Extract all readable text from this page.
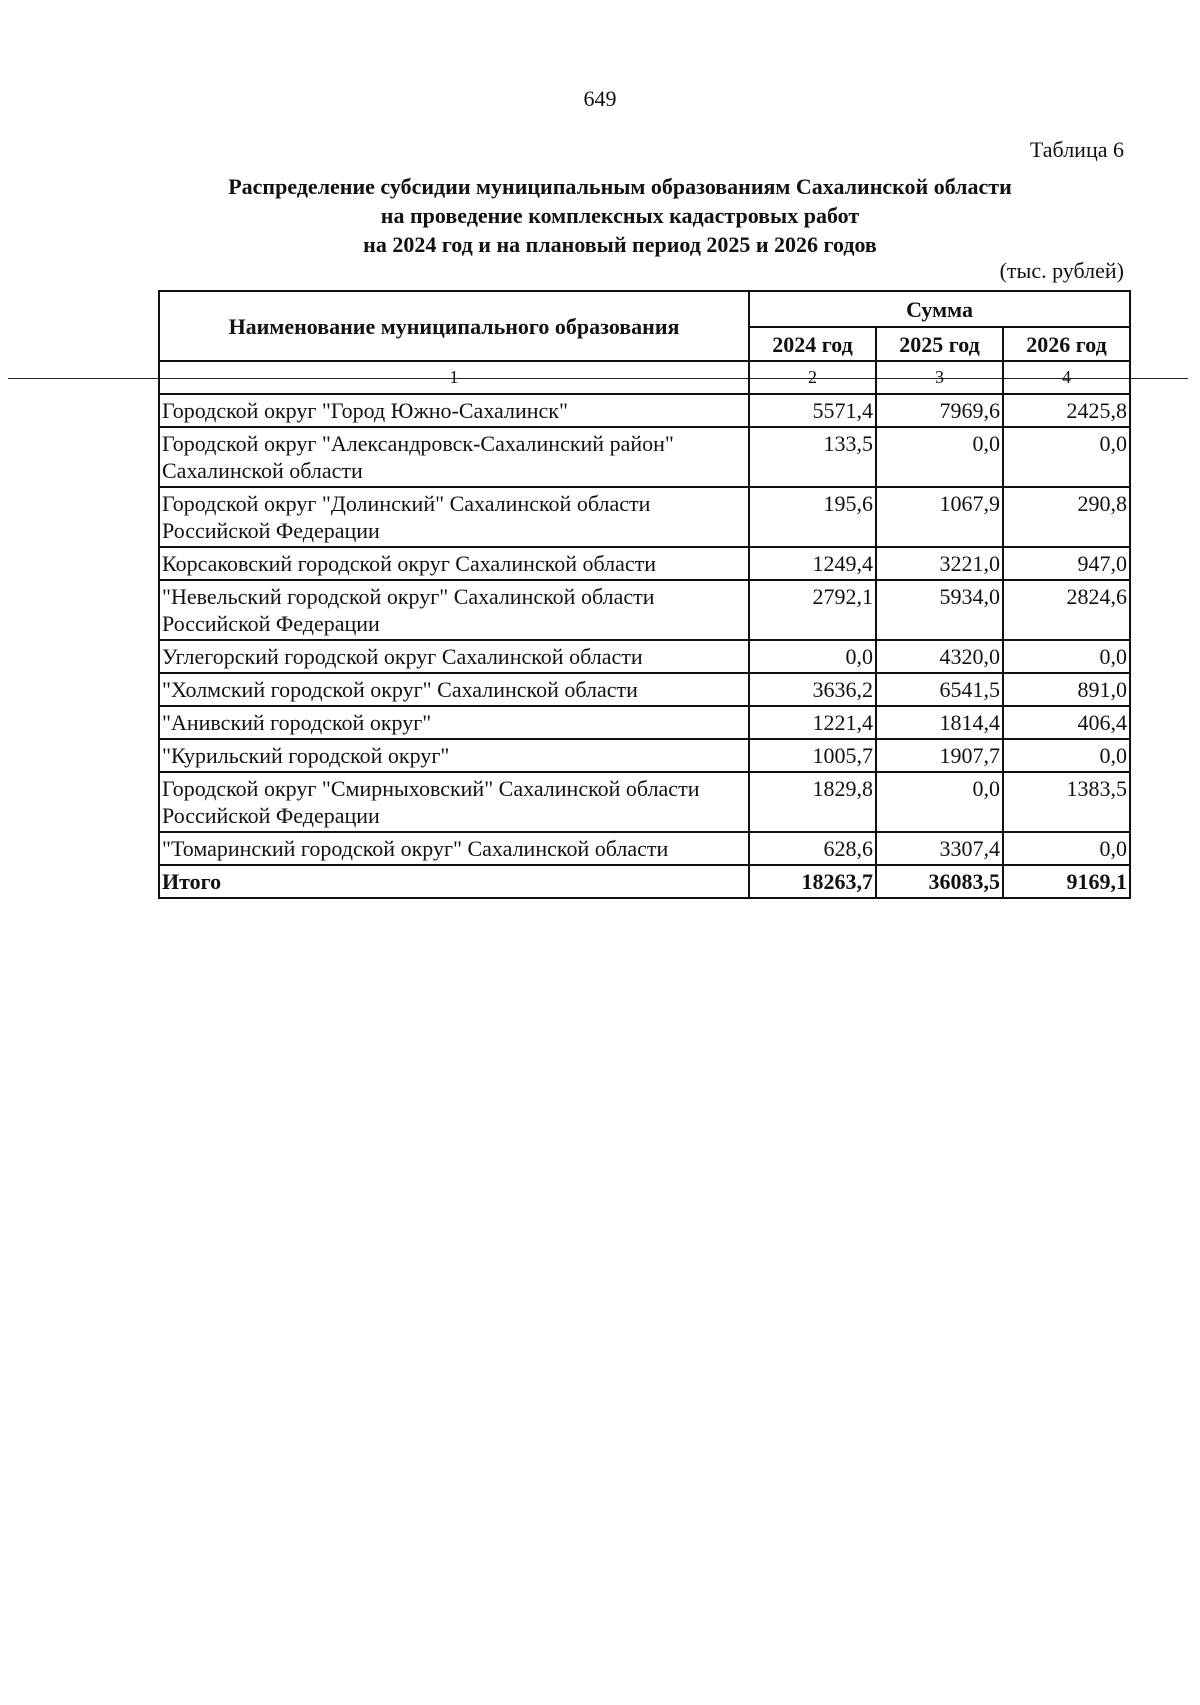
649
Таблица 6
Распределение субсидии муниципальным образованиям Сахалинской области
на проведение комплексных кадастровых работ
на 2024 год и на плановый период 2025 и 2026 годов
(тыс. рублей)
Наименование муниципального образования	Сумма		
	2024 год	2025 год	2026 год
1	2	3	4
Городской округ "Город Южно-Сахалинск"	5571,4	7969,6	2425,8
Городской округ "Александровск-Сахалинский район" Сахалинской области	133,5	0,0	0,0
Городской округ "Долинский" Сахалинской области Российской Федерации	195,6	1067,9	290,8
Корсаковский городской округ Сахалинской области	1249,4	3221,0	947,0
"Невельский городской округ" Сахалинской области Российской Федерации	2792,1	5934,0	2824,6
Углегорский городской округ Сахалинской области	0,0	4320,0	0,0
"Холмский городской округ" Сахалинской области	3636,2	6541,5	891,0
"Анивский городской округ"	1221,4	1814,4	406,4
"Курильский городской округ"	1005,7	1907,7	0,0
Городской округ "Смирныховский" Сахалинской области Российской Федерации	1829,8	0,0	1383,5
"Томаринский городской округ" Сахалинской области	628,6	3307,4	0,0
Итого	18263,7	36083,5	9169,1
